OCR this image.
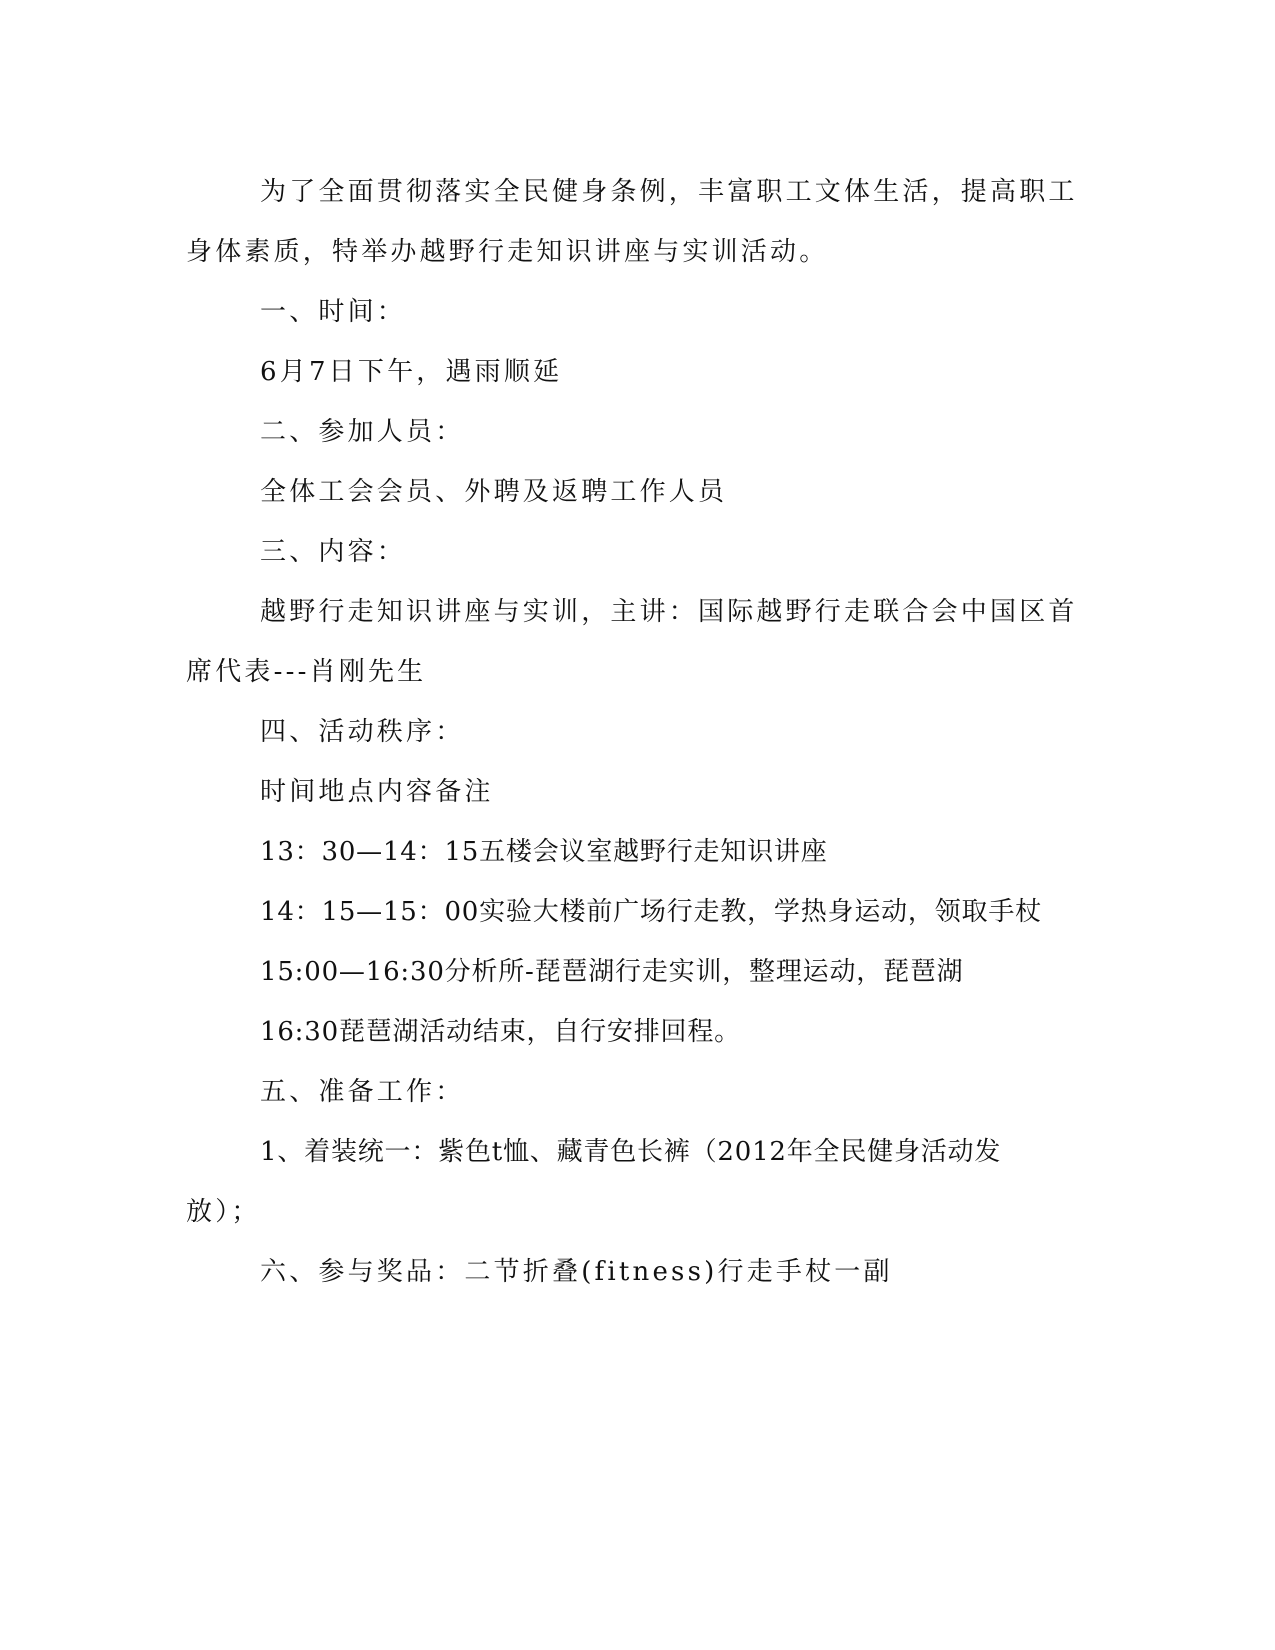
为了全面贯彻落实全民健身条例，丰富职工文体生活，提高职工
身体素质，特举办越野行走知识讲座与实训活动。
一、时间：
6月7日下午，遇雨顺延
二、参加人员：
全体工会会员、外聘及返聘工作人员
三、内容：
越野行走知识讲座与实训，主讲：国际越野行走联合会中国区首
席代表---肖刚先生
四、活动秩序：
时间地点内容备注
13：30—14：15五楼会议室越野行走知识讲座
14：15—15：00实验大楼前广场行走教，学热身运动，领取手杖
15:00—16:30分析所-琵琶湖行走实训，整理运动，琵琶湖
16:30琵琶湖活动结束，自行安排回程。
五、准备工作：
1、着装统一：紫色t恤、藏青色长裤（2012年全民健身活动发
放）；
六、参与奖品：二节折叠(fitness)行走手杖一副
